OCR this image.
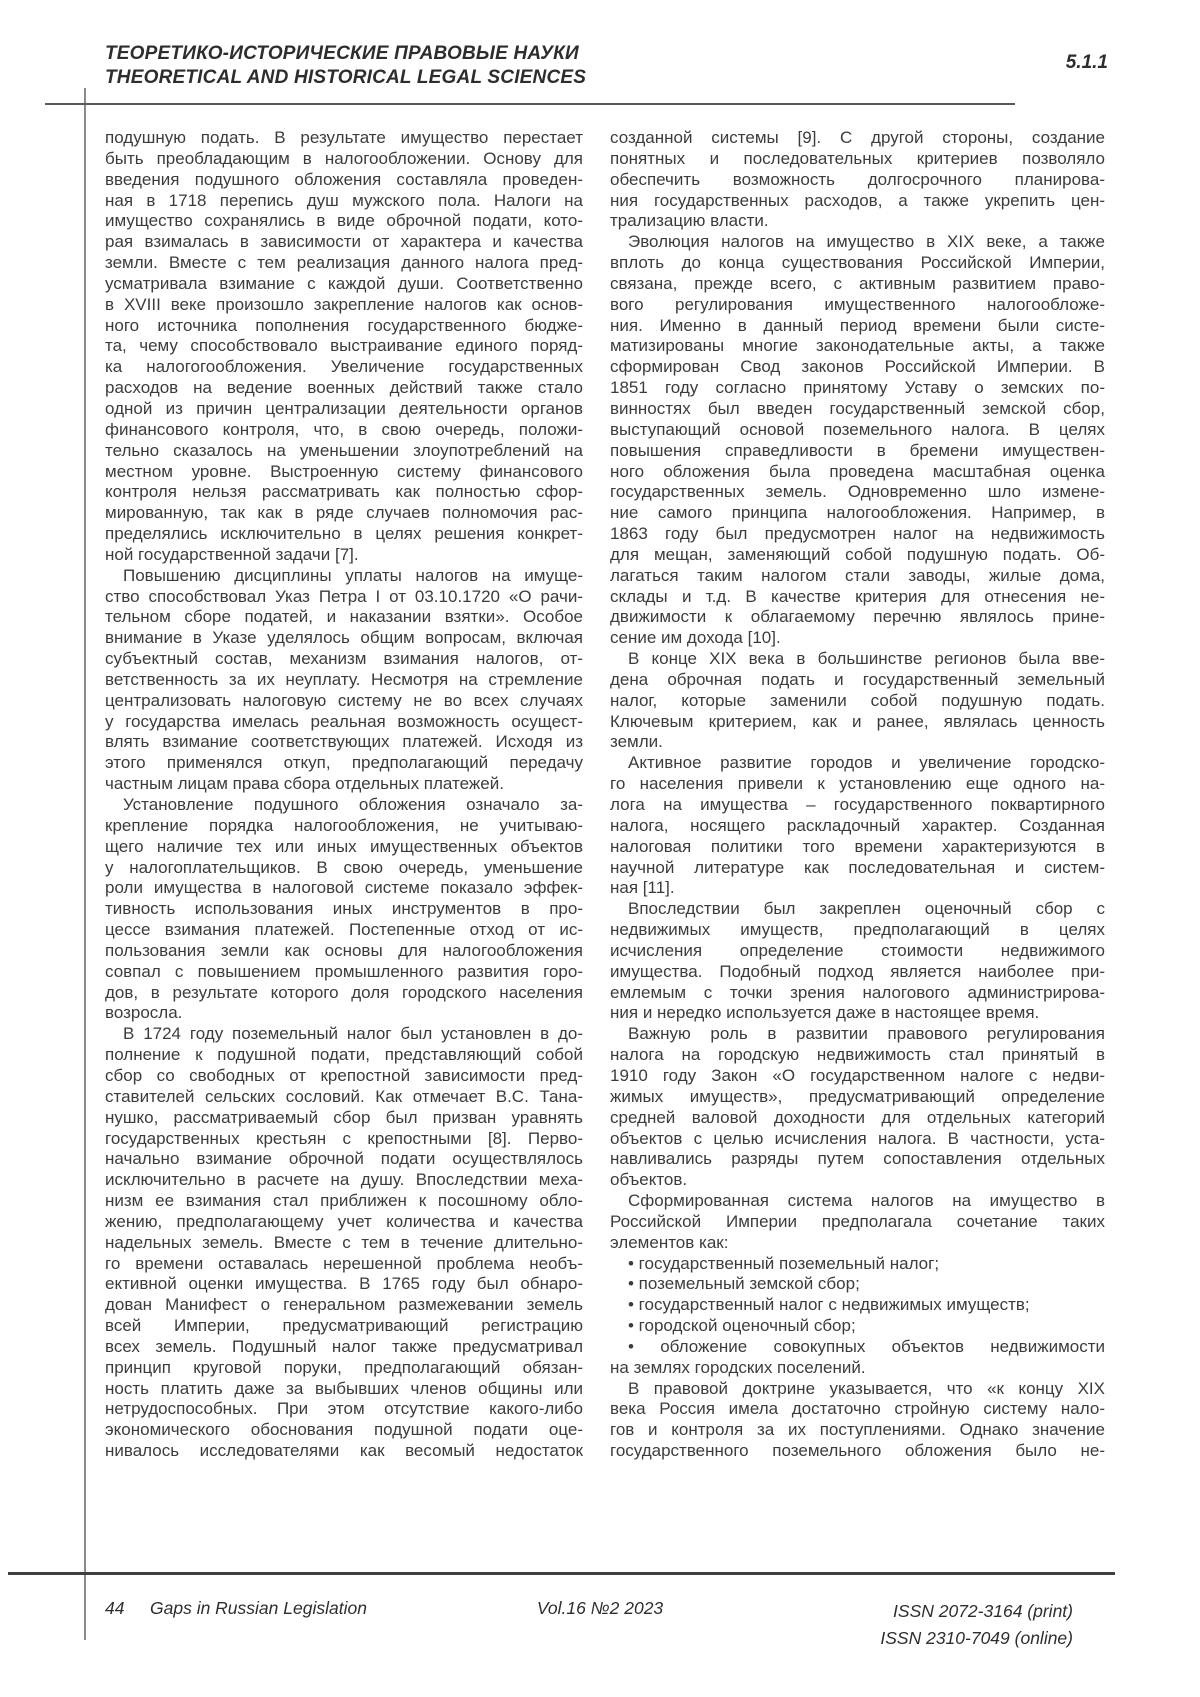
ТЕОРЕТИКО-ИСТОРИЧЕСКИЕ ПРАВОВЫЕ НАУКИ
THEORETICAL AND HISTORICAL LEGAL SCIENCES
5.1.1
подушную подать. В результате имущество перестает
быть преобладающим в налогообложении. Основу для
введения подушного обложения составляла проведен-
ная в 1718 перепись душ мужского пола. Налоги на
имущество сохранялись в виде оброчной подати, кото-
рая взималась в зависимости от характера и качества
земли. Вместе с тем реализация данного налога пред-
усматривала взимание с каждой души. Соответственно
в XVIII веке произошло закрепление налогов как основ-
ного источника пополнения государственного бюдже-
та, чему способствовало выстраивание единого поряд-
ка налогогообложения. Увеличение государственных
расходов на ведение военных действий также стало
одной из причин централизации деятельности органов
финансового контроля, что, в свою очередь, положи-
тельно сказалось на уменьшении злоупотреблений на
местном уровне. Выстроенную систему финансового
контроля нельзя рассматривать как полностью сфор-
мированную, так как в ряде случаев полномочия рас-
пределялись исключительно в целях решения конкрет-
ной государственной задачи [7].
Повышению дисциплины уплаты налогов на имуще-
ство способствовал Указ Петра I от 03.10.1720 «О рачи-
тельном сборе податей, и наказании взятки». Особое
внимание в Указе уделялось общим вопросам, включая
субъектный состав, механизм взимания налогов, от-
ветственность за их неуплату. Несмотря на стремление
централизовать налоговую систему не во всех случаях
у государства имелась реальная возможность осущест-
влять взимание соответствующих платежей. Исходя из
этого применялся откуп, предполагающий передачу
частным лицам права сбора отдельных платежей.
Установление подушного обложения означало за-
крепление порядка налогообложения, не учитываю-
щего наличие тех или иных имущественных объектов
у налогоплательщиков. В свою очередь, уменьшение
роли имущества в налоговой системе показало эффек-
тивность использования иных инструментов в про-
цессе взимания платежей. Постепенные отход от ис-
пользования земли как основы для налогообложения
совпал с повышением промышленного развития горо-
дов, в результате которого доля городского населения
возросла.
В 1724 году поземельный налог был установлен в до-
полнение к подушной подати, представляющий собой
сбор со свободных от крепостной зависимости пред-
ставителей сельских сословий. Как отмечает В.С. Тана-
нушко, рассматриваемый сбор был призван уравнять
государственных крестьян с крепостными [8]. Перво-
начально взимание оброчной подати осуществлялось
исключительно в расчете на душу. Впоследствии меха-
низм ее взимания стал приближен к посошному обло-
жению, предполагающему учет количества и качества
надельных земель. Вместе с тем в течение длительно-
го времени оставалась нерешенной проблема необъ-
ективной оценки имущества. В 1765 году был обнаро-
дован Манифест о генеральном размежевании земель
всей Империи, предусматривающий регистрацию
всех земель. Подушный налог также предусматривал
принцип круговой поруки, предполагающий обязан-
ность платить даже за выбывших членов общины или
нетрудоспособных. При этом отсутствие какого-либо
экономического обоснования подушной подати оце-
нивалось исследователями как весомый недостаток
созданной системы [9]. С другой стороны, создание
понятных и последовательных критериев позволяло
обеспечить возможность долгосрочного планирова-
ния государственных расходов, а также укрепить цен-
трализацию власти.
Эволюция налогов на имущество в XIX веке, а также
вплоть до конца существования Российской Империи,
связана, прежде всего, с активным развитием право-
вого регулирования имущественного налогообложе-
ния. Именно в данный период времени были систе-
матизированы многие законодательные акты, а также
сформирован Свод законов Российской Империи. В
1851 году согласно принятому Уставу о земских по-
винностях был введен государственный земской сбор,
выступающий основой поземельного налога. В целях
повышения справедливости в бремени имуществен-
ного обложения была проведена масштабная оценка
государственных земель. Одновременно шло измене-
ние самого принципа налогообложения. Например, в
1863 году был предусмотрен налог на недвижимость
для мещан, заменяющий собой подушную подать. Об-
лагаться таким налогом стали заводы, жилые дома,
склады и т.д. В качестве критерия для отнесения не-
движимости к облагаемому перечню являлось прине-
сение им дохода [10].
В конце XIX века в большинстве регионов была вве-
дена оброчная подать и государственный земельный
налог, которые заменили собой подушную подать.
Ключевым критерием, как и ранее, являлась ценность
земли.
Активное развитие городов и увеличение городско-
го населения привели к установлению еще одного на-
лога на имущества – государственного поквартирного
налога, носящего раскладочный характер. Созданная
налоговая политики того времени характеризуются в
научной литературе как последовательная и систем-
ная [11].
Впоследствии был закреплен оценочный сбор с
недвижимых имуществ, предполагающий в целях
исчисления определение стоимости недвижимого
имущества. Подобный подход является наиболее при-
емлемым с точки зрения налогового администрирова-
ния и нередко используется даже в настоящее время.
Важную роль в развитии правового регулирования
налога на городскую недвижимость стал принятый в
1910 году Закон «О государственном налоге с недви-
жимых имуществ», предусматривающий определение
средней валовой доходности для отдельных категорий
объектов с целью исчисления налога. В частности, уста-
навливались разряды путем сопоставления отдельных
объектов.
Сформированная система налогов на имущество в
Российской Империи предполагала сочетание таких
элементов как:
• государственный поземельный налог;
• поземельный земской сбор;
• государственный налог с недвижимых имуществ;
• городской оценочный сбор;
• обложение совокупных объектов недвижимости
на землях городских поселений.
В правовой доктрине указывается, что «к концу XIX
века Россия имела достаточно стройную систему нало-
гов и контроля за их поступлениями. Однако значение
государственного поземельного обложения было не-
44 Gaps in Russian Legislation	Vol.16 №2 2023	ISSN 2072-3164 (print)
ISSN 2310-7049 (online)
